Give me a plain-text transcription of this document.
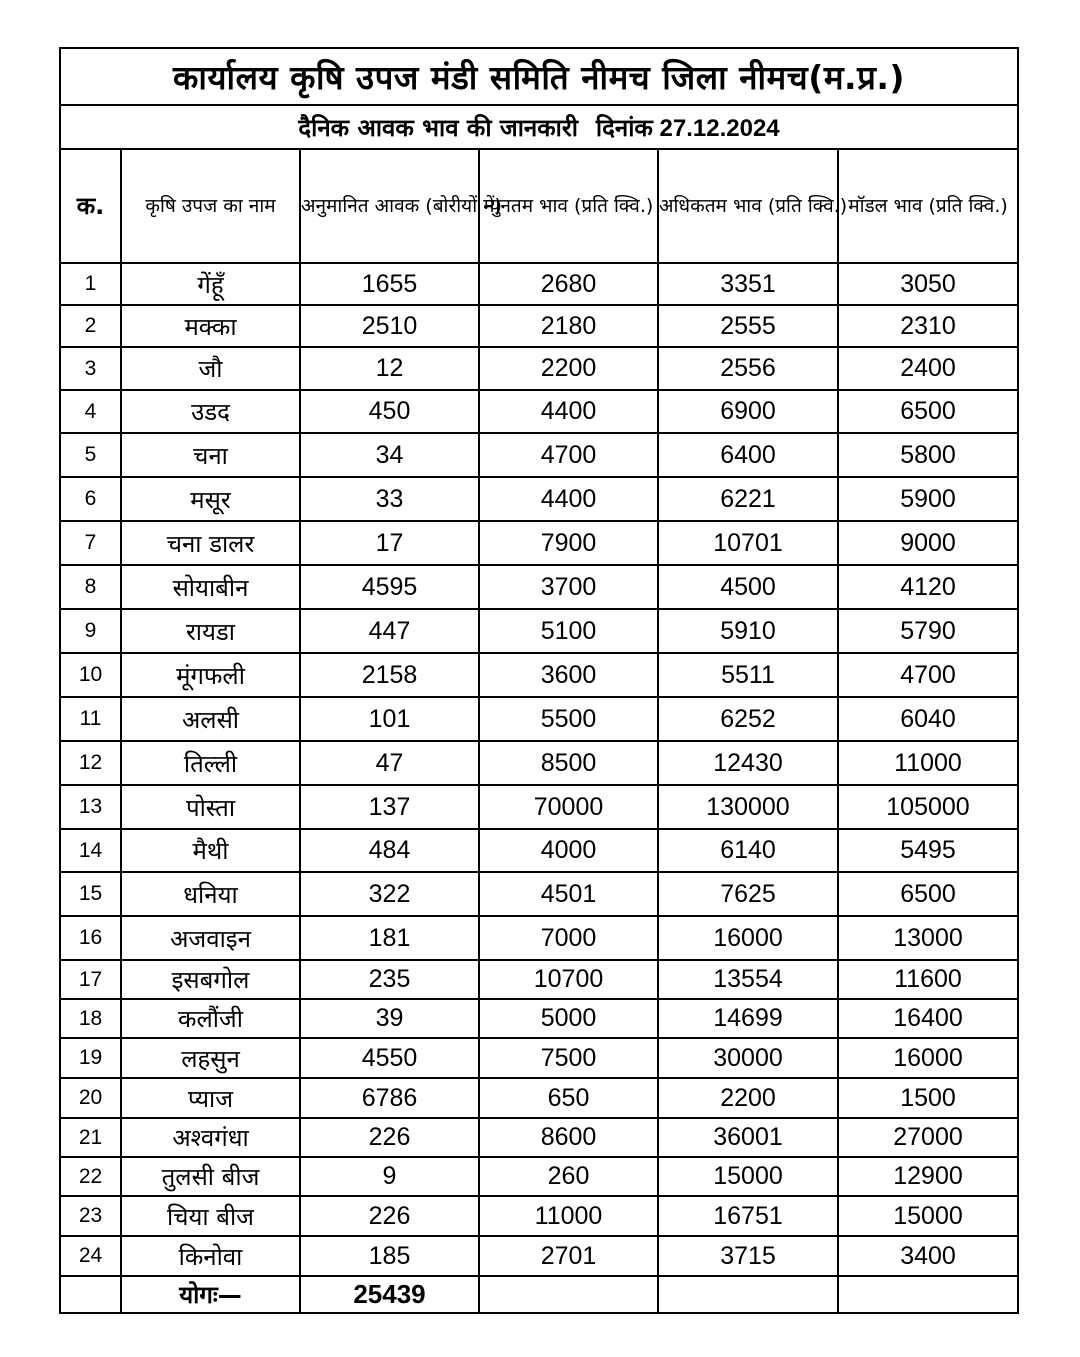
कार्यालय कृषि उपज मंडी समिति नीमच जिला नीमच(म.प्र.)					
दैनिक आवक भाव की जानकारी दिनांक 27.12.2024					
क.	कृषि उपज का नाम	अनुमानित आवक (बोरीयों में)	न्युनतम भाव (प्रति क्वि.)	अधिकतम भाव (प्रति क्वि.)	मॉडल भाव (प्रति क्वि.)
1	गेंहूँ	1655	2680	3351	3050
2	मक्का	2510	2180	2555	2310
3	जौ	12	2200	2556	2400
4	उडद	450	4400	6900	6500
5	चना	34	4700	6400	5800
6	मसूर	33	4400	6221	5900
7	चना डालर	17	7900	10701	9000
8	सोयाबीन	4595	3700	4500	4120
9	रायडा	447	5100	5910	5790
10	मूंगफली	2158	3600	5511	4700
11	अलसी	101	5500	6252	6040
12	तिल्ली	47	8500	12430	11000
13	पोस्ता	137	70000	130000	105000
14	मैथी	484	4000	6140	5495
15	धनिया	322	4501	7625	6500
16	अजवाइन	181	7000	16000	13000
17	इसबगोल	235	10700	13554	11600
18	कलौंजी	39	5000	14699	16400
19	लहसुन	4550	7500	30000	16000
20	प्याज	6786	650	2200	1500
21	अश्वगंधा	226	8600	36001	27000
22	तुलसी बीज	9	260	15000	12900
23	चिया बीज	226	11000	16751	15000
24	किनोवा	185	2701	3715	3400
	योगः—	25439			
